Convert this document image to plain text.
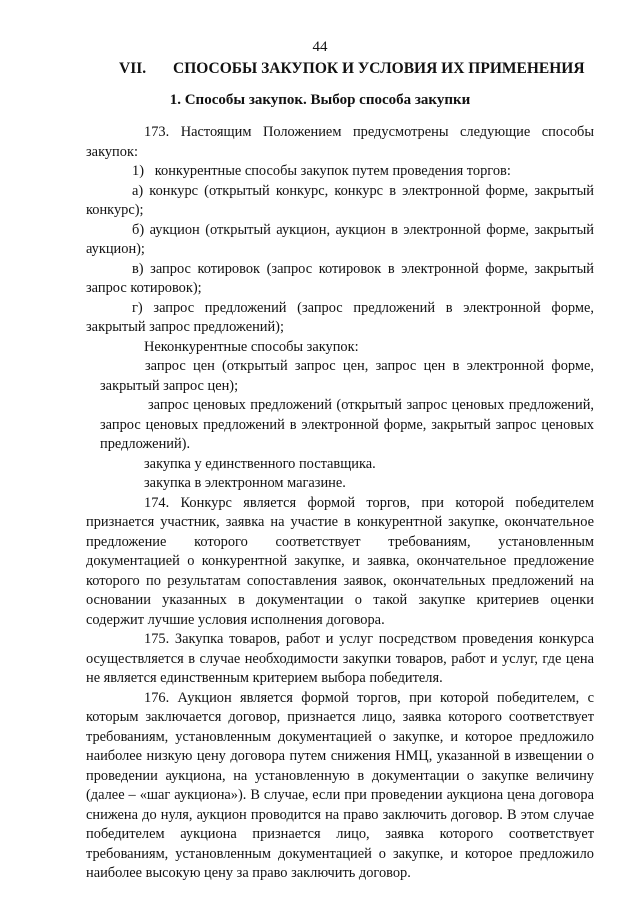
44
VII. СПОСОБЫ ЗАКУПОК И УСЛОВИЯ ИХ ПРИМЕНЕНИЯ
1. Способы закупок. Выбор способа закупки

173. Настоящим Положением предусмотрены следующие способы закупок:

1)   конкурентные способы закупок путем проведения торгов:

а) конкурс (открытый конкурс, конкурс в электронной форме, закрытый конкурс);

б) аукцион (открытый аукцион, аукцион в электронной форме, закрытый аукцион);

в) запрос котировок (запрос котировок в электронной форме, закрытый запрос котировок);

г) запрос предложений (запрос предложений в электронной форме, закрытый запрос предложений);

Неконкурентные способы закупок:

запрос цен (открытый запрос цен, запрос цен в электронной форме, закрытый запрос цен);

запрос ценовых предложений (открытый запрос ценовых предложений, запрос ценовых предложений в электронной форме, закрытый запрос ценовых предложений).

закупка у единственного поставщика.

закупка в электронном магазине.

174. Конкурс является формой торгов, при которой победителем признается участник, заявка на участие в конкурентной закупке, окончательное предложение которого соответствует требованиям, установленным документацией о конкурентной закупке, и заявка, окончательное предложение которого по результатам сопоставления заявок, окончательных предложений на основании указанных в документации о такой закупке критериев оценки содержит лучшие условия исполнения договора.

175. Закупка товаров, работ и услуг посредством проведения конкурса осуществляется в случае необходимости закупки товаров, работ и услуг, где цена не является единственным критерием выбора победителя.

176. Аукцион является формой торгов, при которой победителем, с которым заключается договор, признается лицо, заявка которого соответствует требованиям, установленным документацией о закупке, и которое предложило наиболее низкую цену договора путем снижения НМЦ, указанной в извещении о проведении аукциона, на установленную в документации о закупке величину (далее – «шаг аукциона»). В случае, если при проведении аукциона цена договора снижена до нуля, аукцион проводится на право заключить договор. В этом случае победителем аукциона признается лицо, заявка которого соответствует требованиям, установленным документацией о закупке, и которое предложило наиболее высокую цену за право заключить договор.
